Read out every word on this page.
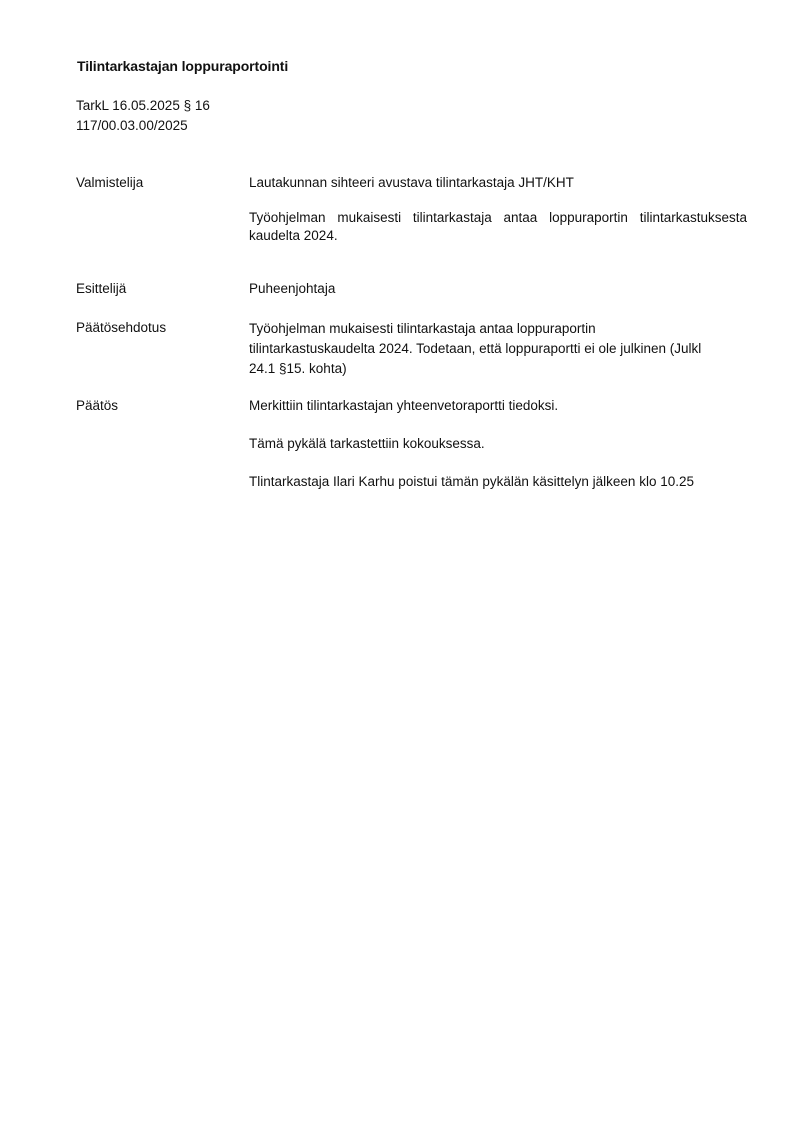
Tilintarkastajan loppuraportointi
TarkL 16.05.2025 § 16
117/00.03.00/2025
Valmistelija	Lautakunnan sihteeri avustava tilintarkastaja JHT/KHT

Työohjelman mukaisesti tilintarkastaja antaa loppuraportin tilintarkastuksesta kaudelta 2024.

Esittelijä	Puheenjohtaja

Päätösehdotus	Työohjelman mukaisesti tilintarkastaja antaa loppuraportin
tilintarkastuskaudelta 2024. Todetaan, että loppuraportti ei ole julkinen (Julkl
24.1 §15. kohta)
Päätös	Merkittiin tilintarkastajan yhteenvetoraportti tiedoksi.

Tämä pykälä tarkastettiin kokouksessa.

Tlintarkastaja Ilari Karhu poistui tämän pykälän käsittelyn jälkeen klo 10.25
